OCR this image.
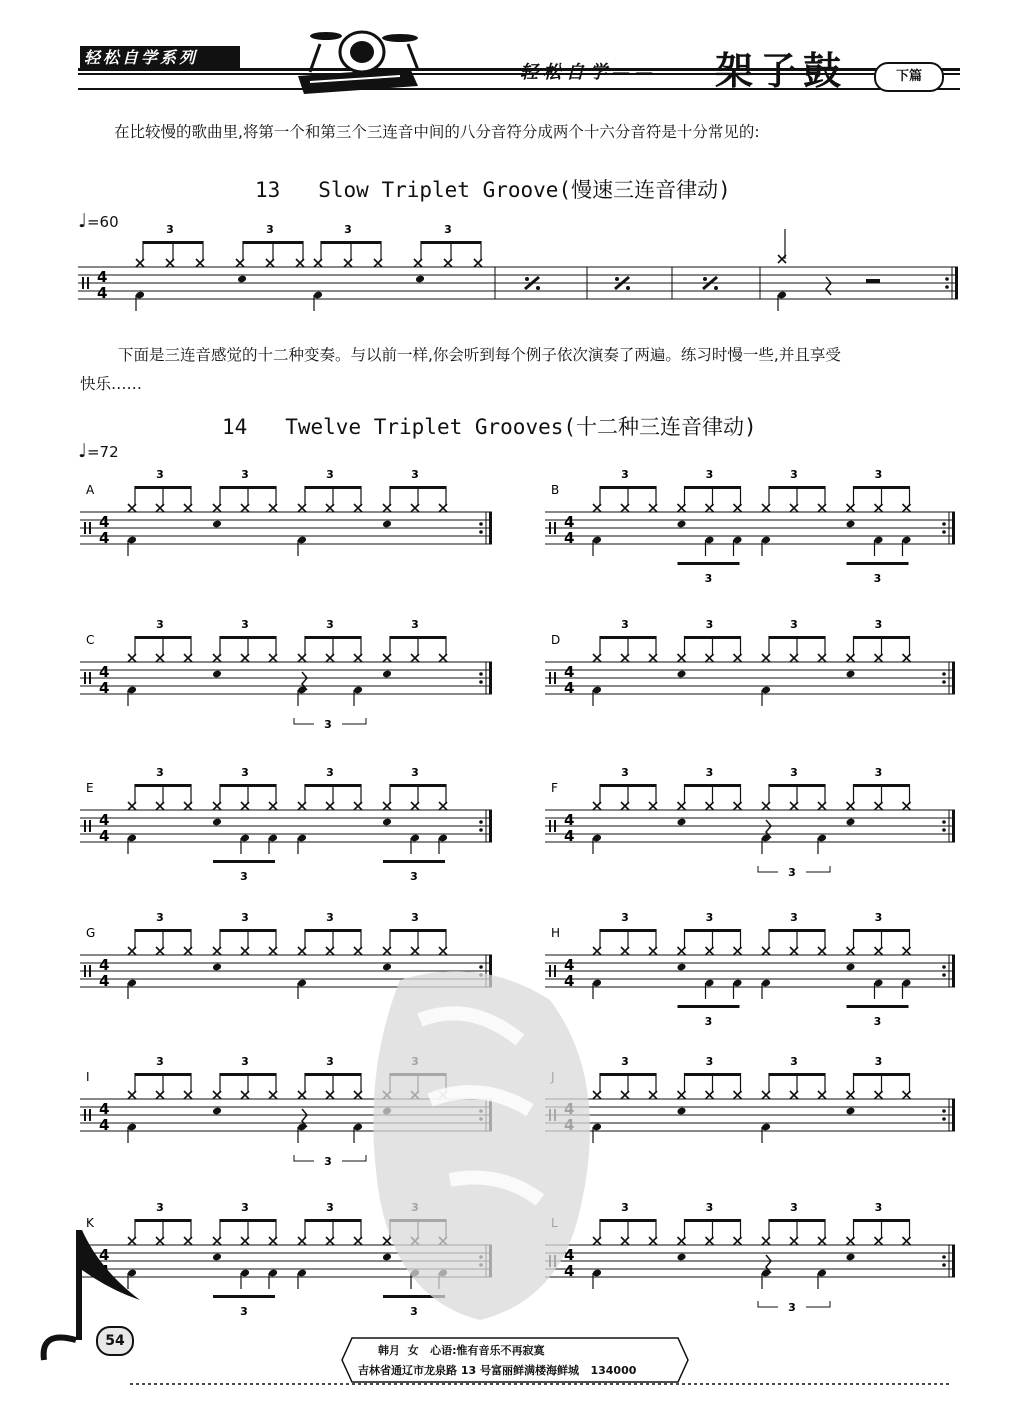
轻松自学系列
轻松自学—— 架子鼓	下篇
在比较慢的歌曲里,将第一个和第三个三连音中间的八分音符分成两个十六分音符是十分常见的:
13 Slow Triplet Groove(慢速三连音律动)
♩=60
下面是三连音感觉的十二种变奏。与以前一样,你会听到每个例子依次演奏了两遍。练习时慢一些,并且享受
快乐……
14 Twelve Triplet Grooves(十二种三连音律动)
♩=72
4
4
3	3	3	3
4
4
A
3	3	3	3
4
4
B
3	3
3
3	3
3
4
4
C
3	3	3
3
3
4
4
D
3	3	3	3
4
4
E
3	3
3
3	3
3
4
4
F
3	3	3
3
3
4
4
G
3	3	3	3
4
4
H
3	3
3
3	3
3
4
4
I
3	3	3
3
3	3	3	3
4
K
3	3
3
3
3
4
4
3	3	3
3
3
54
韩月  女   心语:惟有音乐不再寂寞
吉林省通辽市龙泉路 13 号富丽鲜满楼海鲜城   134000
